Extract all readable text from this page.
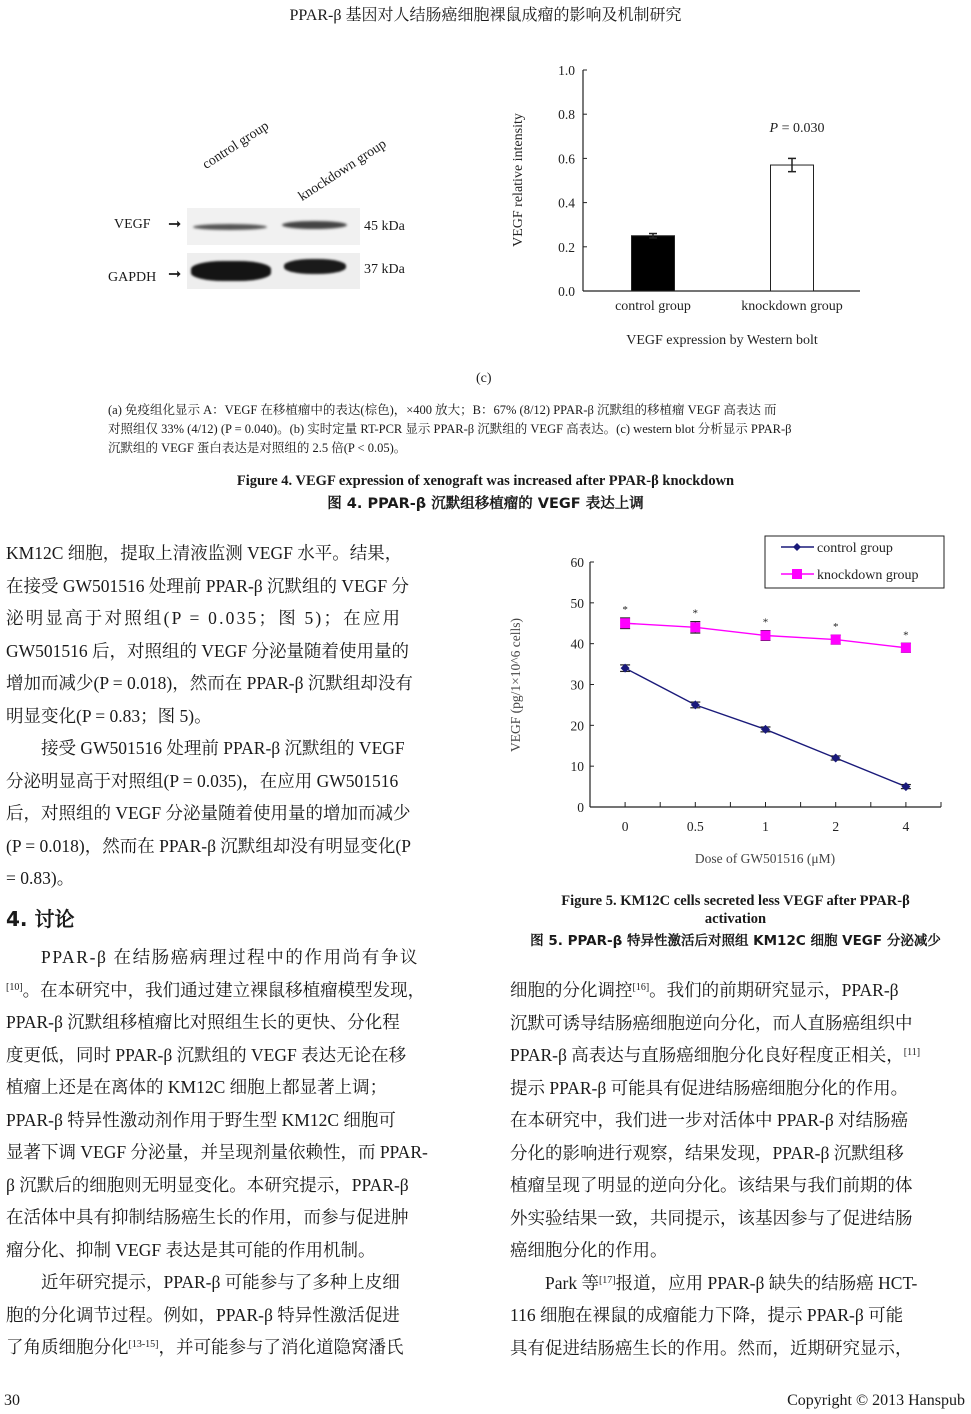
PPAR-β 基因对人结肠癌细胞裸鼠成瘤的影响及机制研究
control group knockdown group
VEGF ➞
GAPDH ➞
45 kDa
37 kDa
0.0
0.2
0.4
0.6
0.8
1.0
control group	knockdown group
P = 0.030
VEGF expression by Western bolt
VEGF relative intensity
(c)
(a) 免疫组化显示 A：VEGF 在移植瘤中的表达(棕色)，×400 放大；B：67% (8/12) PPAR-β 沉默组的移植瘤 VEGF 高表达 而
对照组仅 33% (4/12) (P = 0.040)。(b) 实时定量 RT-PCR 显示 PPAR-β 沉默组的 VEGF 高表达。(c) western blot 分析显示 PPAR-β
沉默组的 VEGF 蛋白表达是对照组的 2.5 倍(P < 0.05)。
Figure 4. VEGF expression of xenograft was increased after PPAR-β knockdown
图 4. PPAR-β 沉默组移植瘤的 VEGF 表达上调
0
10
20
30
40
50
60
0	0.5	1	2	4
*	*
*	*
*
control group
knockdown group
Dose of GW501516 (μM)
VEGF (pg/1×10^6 cells)
Figure 5. KM12C cells secreted less VEGF after PPAR-β
activation
图 5. PPAR-β 特异性激活后对照组 KM12C 细胞 VEGF 分泌减少
KM12C 细胞，提取上清液监测 VEGF 水平。结果，
在接受 GW501516 处理前 PPAR-β 沉默组的 VEGF 分
泌明显高于对照组(P = 0.035；图 5)；在应用
GW501516 后，对照组的 VEGF 分泌量随着使用量的
增加而减少(P = 0.018)，然而在 PPAR-β 沉默组却没有
明显变化(P = 0.83；图 5)。
接受 GW501516 处理前 PPAR-β 沉默组的 VEGF
分泌明显高于对照组(P = 0.035)，在应用 GW501516
后，对照组的 VEGF 分泌量随着使用量的增加而减少
(P = 0.018)，然而在 PPAR-β 沉默组却没有明显变化(P
= 0.83)。
4. 讨论
PPAR-β 在结肠癌病理过程中的作用尚有争议
[10]。在本研究中，我们通过建立裸鼠移植瘤模型发现，
PPAR-β 沉默组移植瘤比对照组生长的更快、分化程
度更低，同时 PPAR-β 沉默组的 VEGF 表达无论在移
植瘤上还是在离体的 KM12C 细胞上都显著上调；
PPAR-β 特异性激动剂作用于野生型 KM12C 细胞可
显著下调 VEGF 分泌量，并呈现剂量依赖性，而 PPAR-
β 沉默后的细胞则无明显变化。本研究提示，PPAR-β
在活体中具有抑制结肠癌生长的作用，而参与促进肿
瘤分化、抑制 VEGF 表达是其可能的作用机制。
近年研究提示，PPAR-β 可能参与了多种上皮细
胞的分化调节过程。例如，PPAR-β 特异性激活促进
了角质细胞分化[13-15]，并可能参与了消化道隐窝潘氏
细胞的分化调控[16]。我们的前期研究显示，PPAR-β
沉默可诱导结肠癌细胞逆向分化，而人直肠癌组织中
PPAR-β 高表达与直肠癌细胞分化良好程度正相关，[11]
提示 PPAR-β 可能具有促进结肠癌细胞分化的作用。
在本研究中，我们进一步对活体中 PPAR-β 对结肠癌
分化的影响进行观察，结果发现，PPAR-β 沉默组移
植瘤呈现了明显的逆向分化。该结果与我们前期的体
外实验结果一致，共同提示，该基因参与了促进结肠
癌细胞分化的作用。
Park 等[17]报道，应用 PPAR-β 缺失的结肠癌 HCT-
116 细胞在裸鼠的成瘤能力下降，提示 PPAR-β 可能
具有促进结肠癌生长的作用。然而，近期研究显示，
30	Copyright © 2013 Hanspub
